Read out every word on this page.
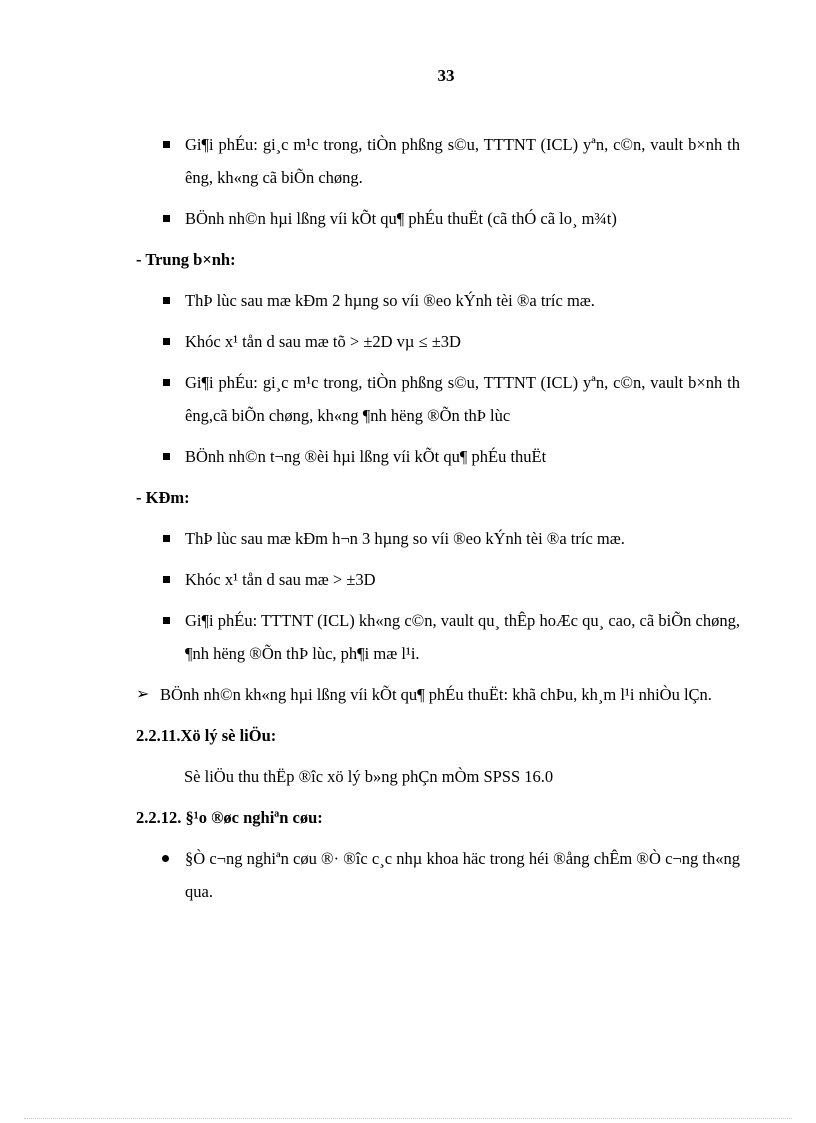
33
Gi¶i phÉu: gi¸c m¹c trong, tiÒn phßng s©u, TTTNT (ICL) yªn, c©n, vault b×nh th êng, kh«ng cã biÕn chøng.
BÖnh nh©n hµi lßng víi kÕt qu¶ phÉu thuËt (cã thÓ cã lo¸ m¾t)
- Trung b×nh:
ThÞ lùc sau mæ kÐm 2 hµng so víi ®eo kÝnh tèi ®a tríc mæ.
Khóc x¹ tån d sau mæ tõ > ±2D vµ ≤ ±3D
Gi¶i phÉu: gi¸c m¹c trong, tiÒn phßng s©u, TTTNT (ICL) yªn, c©n, vault b×nh th êng,cã biÕn chøng, kh«ng ¶nh hëng ®Õn thÞ lùc
BÖnh nh©n t¬ng ®èi hµi lßng víi kÕt qu¶ phÉu thuËt
- KÐm:
ThÞ lùc sau mæ kÐm h¬n 3 hµng so víi ®eo kÝnh tèi ®a tríc mæ.
Khóc x¹ tån d sau mæ > ±3D
Gi¶i phÉu: TTTNT (ICL) kh«ng c©n, vault qu¸ thÊp hoÆc qu¸ cao, cã biÕn chøng, ¶nh hëng ®Õn thÞ lùc, ph¶i mæ l¹i.
➢ BÖnh nh©n kh«ng hµi lßng víi kÕt qu¶ phÉu thuËt: khã chÞu, kh¸m l¹i nhiÒu lÇn.
2.2.11.Xö lý sè liÖu:
Sè liÖu thu thËp ®îc xö lý b»ng phÇn mÒm SPSS 16.0
2.2.12. §¹o ®øc nghiªn cøu:
§Ò c¬ng nghiªn cøu ®· ®îc c¸c nhµ khoa häc trong héi ®ång chÊm ®Ò c¬ng th«ng qua.
